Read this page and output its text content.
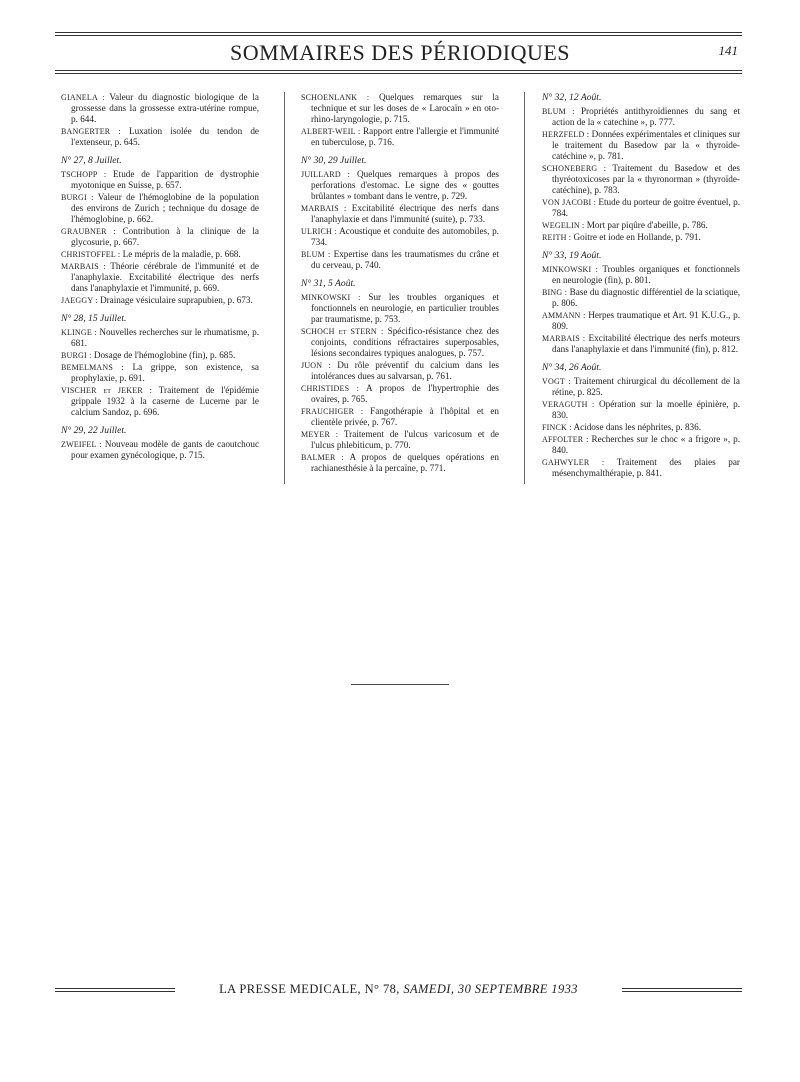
SOMMAIRES DES PÉRIODIQUES	141

GIANELA : Valeur du diagnostic biologique de la grossesse dans la grossesse extra-utérine rompue, p. 644.

BANGERTER : Luxation isolée du tendon de l'extenseur, p. 645.

N° 27, 8 Juillet.

TSCHOPP : Etude de l'apparition de dystrophie myotonique en Suisse, p. 657.

BURGI : Valeur de l'hémoglobine de la population des environs de Zurich ; technique du dosage de l'hémoglobine, p. 662.

GRAUBNER : Contribution à la clinique de la glycosurie, p. 667.

CHRISTOFFEL : Le mépris de la maladie, p. 668.

MARBAIS : Théorie cérébrale de l'immunité et de l'anaphylaxie. Excitabilité électrique des nerfs dans l'anaphylaxie et l'immunité, p. 669.

JAEGGY : Drainage vésiculaire suprapubien, p. 673.

N° 28, 15 Juillet.

KLINGE : Nouvelles recherches sur le rhumatisme, p. 681.

BURGI : Dosage de l'hémoglobine (fin), p. 685.

BEMELMANS : La grippe, son existence, sa prophylaxie, p. 691.

VISCHER et JEKER : Traitement de l'épidémie grippale 1932 à la caserne de Lucerne par le calcium Sandoz, p. 696.

N° 29, 22 Juillet.

ZWEIFEL : Nouveau modèle de gants de caoutchouc pour examen gynécologique, p. 715.

SCHOENLANK : Quelques remarques sur la technique et sur les doses de « Larocaïn » en oto-rhino-laryngologie, p. 715.

ALBERT-WEIL : Rapport entre l'allergie et l'immunité en tuberculose, p. 716.

N° 30, 29 Juillet.

JUILLARD : Quelques remarques à propos des perforations d'estomac. Le signe des « gouttes brûlantes » tombant dans le ventre, p. 729.

MARBAIS : Excitabilité électrique des nerfs dans l'anaphylaxie et dans l'immunité (suite), p. 733.

ULRICH : Acoustique et conduite des automobiles, p. 734.

BLUM : Expertise dans les traumatismes du crâne et du cerveau, p. 740.

N° 31, 5 Août.

MINKOWSKI : Sur les troubles organiques et fonctionnels en neurologie, en particulier troubles par traumatisme, p. 753.

SCHOCH et STERN : Spécifico-résistance chez des conjoints, conditions réfractaires superposables, lésions secondaires typiques analogues, p. 757.

JUON : Du rôle préventif du calcium dans les intolérances dues au salvarsan, p. 761.

CHRISTIDES : A propos de l'hypertrophie des ovaires, p. 765.

FRAUCHIGER : Fangothérapie à l'hôpital et en clientèle privée, p. 767.

MEYER : Traitement de l'ulcus varicosum et de l'ulcus phlebiticum, p. 770.

BALMER : A propos de quelques opérations en rachianesthésie à la percaïne, p. 771.

N° 32, 12 Août.

BLUM : Propriétés antithyroïdiennes du sang et action de la « catechine », p. 777.

HERZFELD : Données expérimentales et cliniques sur le traitement du Basedow par la « thyroïde-catéchine », p. 781.

SCHONEBERG : Traitement du Basedow et des thyréotoxicoses par la « thyronorman » (thyroïde-catéchine), p. 783.

VON JACOBI : Etude du porteur de goitre éventuel, p. 784.

WEGELIN : Mort par piqûre d'abeille, p. 786.

REITH : Goitre et iode en Hollande, p. 791.

N° 33, 19 Août.

MINKOWSKI : Troubles organiques et fonctionnels en neurologie (fin), p. 801.

BING : Base du diagnostic différentiel de la sciatique, p. 806.

AMMANN : Herpes traumatique et Art. 91 K.U.G., p. 809.

MARBAIS : Excitabilité électrique des nerfs moteurs dans l'anaphylaxie et dans l'immunité (fin), p. 812.

N° 34, 26 Août.

VOGT : Traitement chirurgical du décollement de la rétine, p. 825.

VERAGUTH : Opération sur la moelle épinière, p. 830.

FINCK : Acidose dans les néphrites, p. 836.

AFFOLTER : Recherches sur le choc « a frigore », p. 840.

GAHWYLER : Traitement des plaies par mésenchymalthérapie, p. 841.

LA PRESSE MEDICALE, N° 78, SAMEDI, 30 SEPTEMBRE 1933
